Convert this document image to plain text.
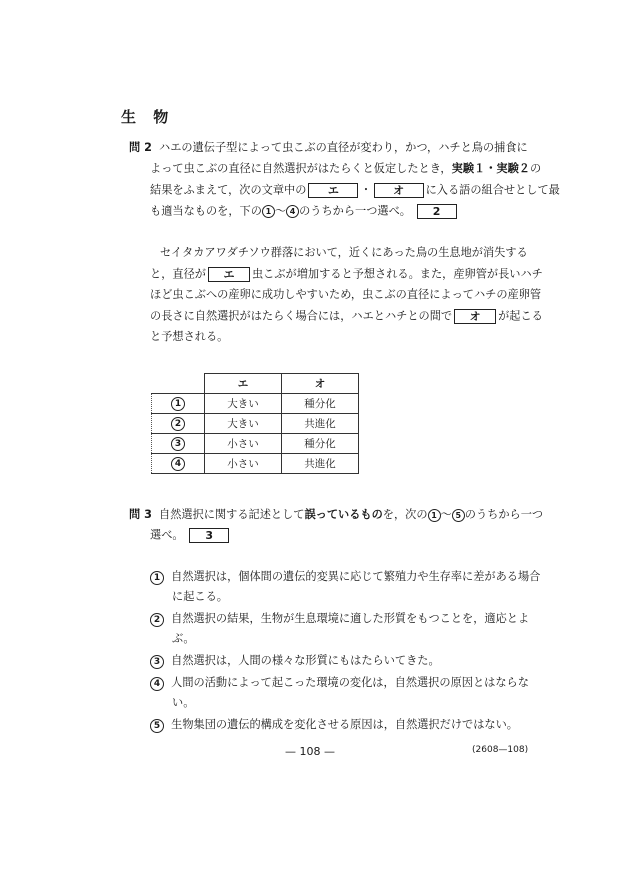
生 物
問 2 ハエの遺伝子型によって虫こぶの直径が変わり，かつ，ハチと鳥の捕食に
よって虫こぶの直径に自然選択がはたらくと仮定したとき，実験１・実験２の
結果をふまえて，次の文章中の エ ・ オ に入る語の組合せとして最
も適当なものを，下の 1 ～ 4 のうちから一つ選べ。 2
セイタカアワダチソウ群落において，近くにあった鳥の生息地が消失する
と，直径が エ 虫こぶが増加すると予想される。また，産卵管が長いハチ
ほど虫こぶへの産卵に成功しやすいため，虫こぶの直径によってハチの産卵管
の長さに自然選択がはたらく場合には，ハエとハチとの間で オ が起こる
と予想される。
	エ	オ
1	大きい	種分化
2	大きい	共進化
3	小さい	種分化
4	小さい	共進化
問 3 自然選択に関する記述として誤っているものを，次の 1 ～ 5 のうちから一つ
選べ。 3
1 自然選択は，個体間の遺伝的変異に応じて繁殖力や生存率に差がある場合
に起こる。
2 自然選択の結果，生物が生息環境に適した形質をもつことを，適応とよ
ぶ。
3 自然選択は，人間の様々な形質にもはたらいてきた。
4 人間の活動によって起こった環境の変化は，自然選択の原因とはならな
い。
5 生物集団の遺伝的構成を変化させる原因は，自然選択だけではない。
— 108 —	(2608—108)
